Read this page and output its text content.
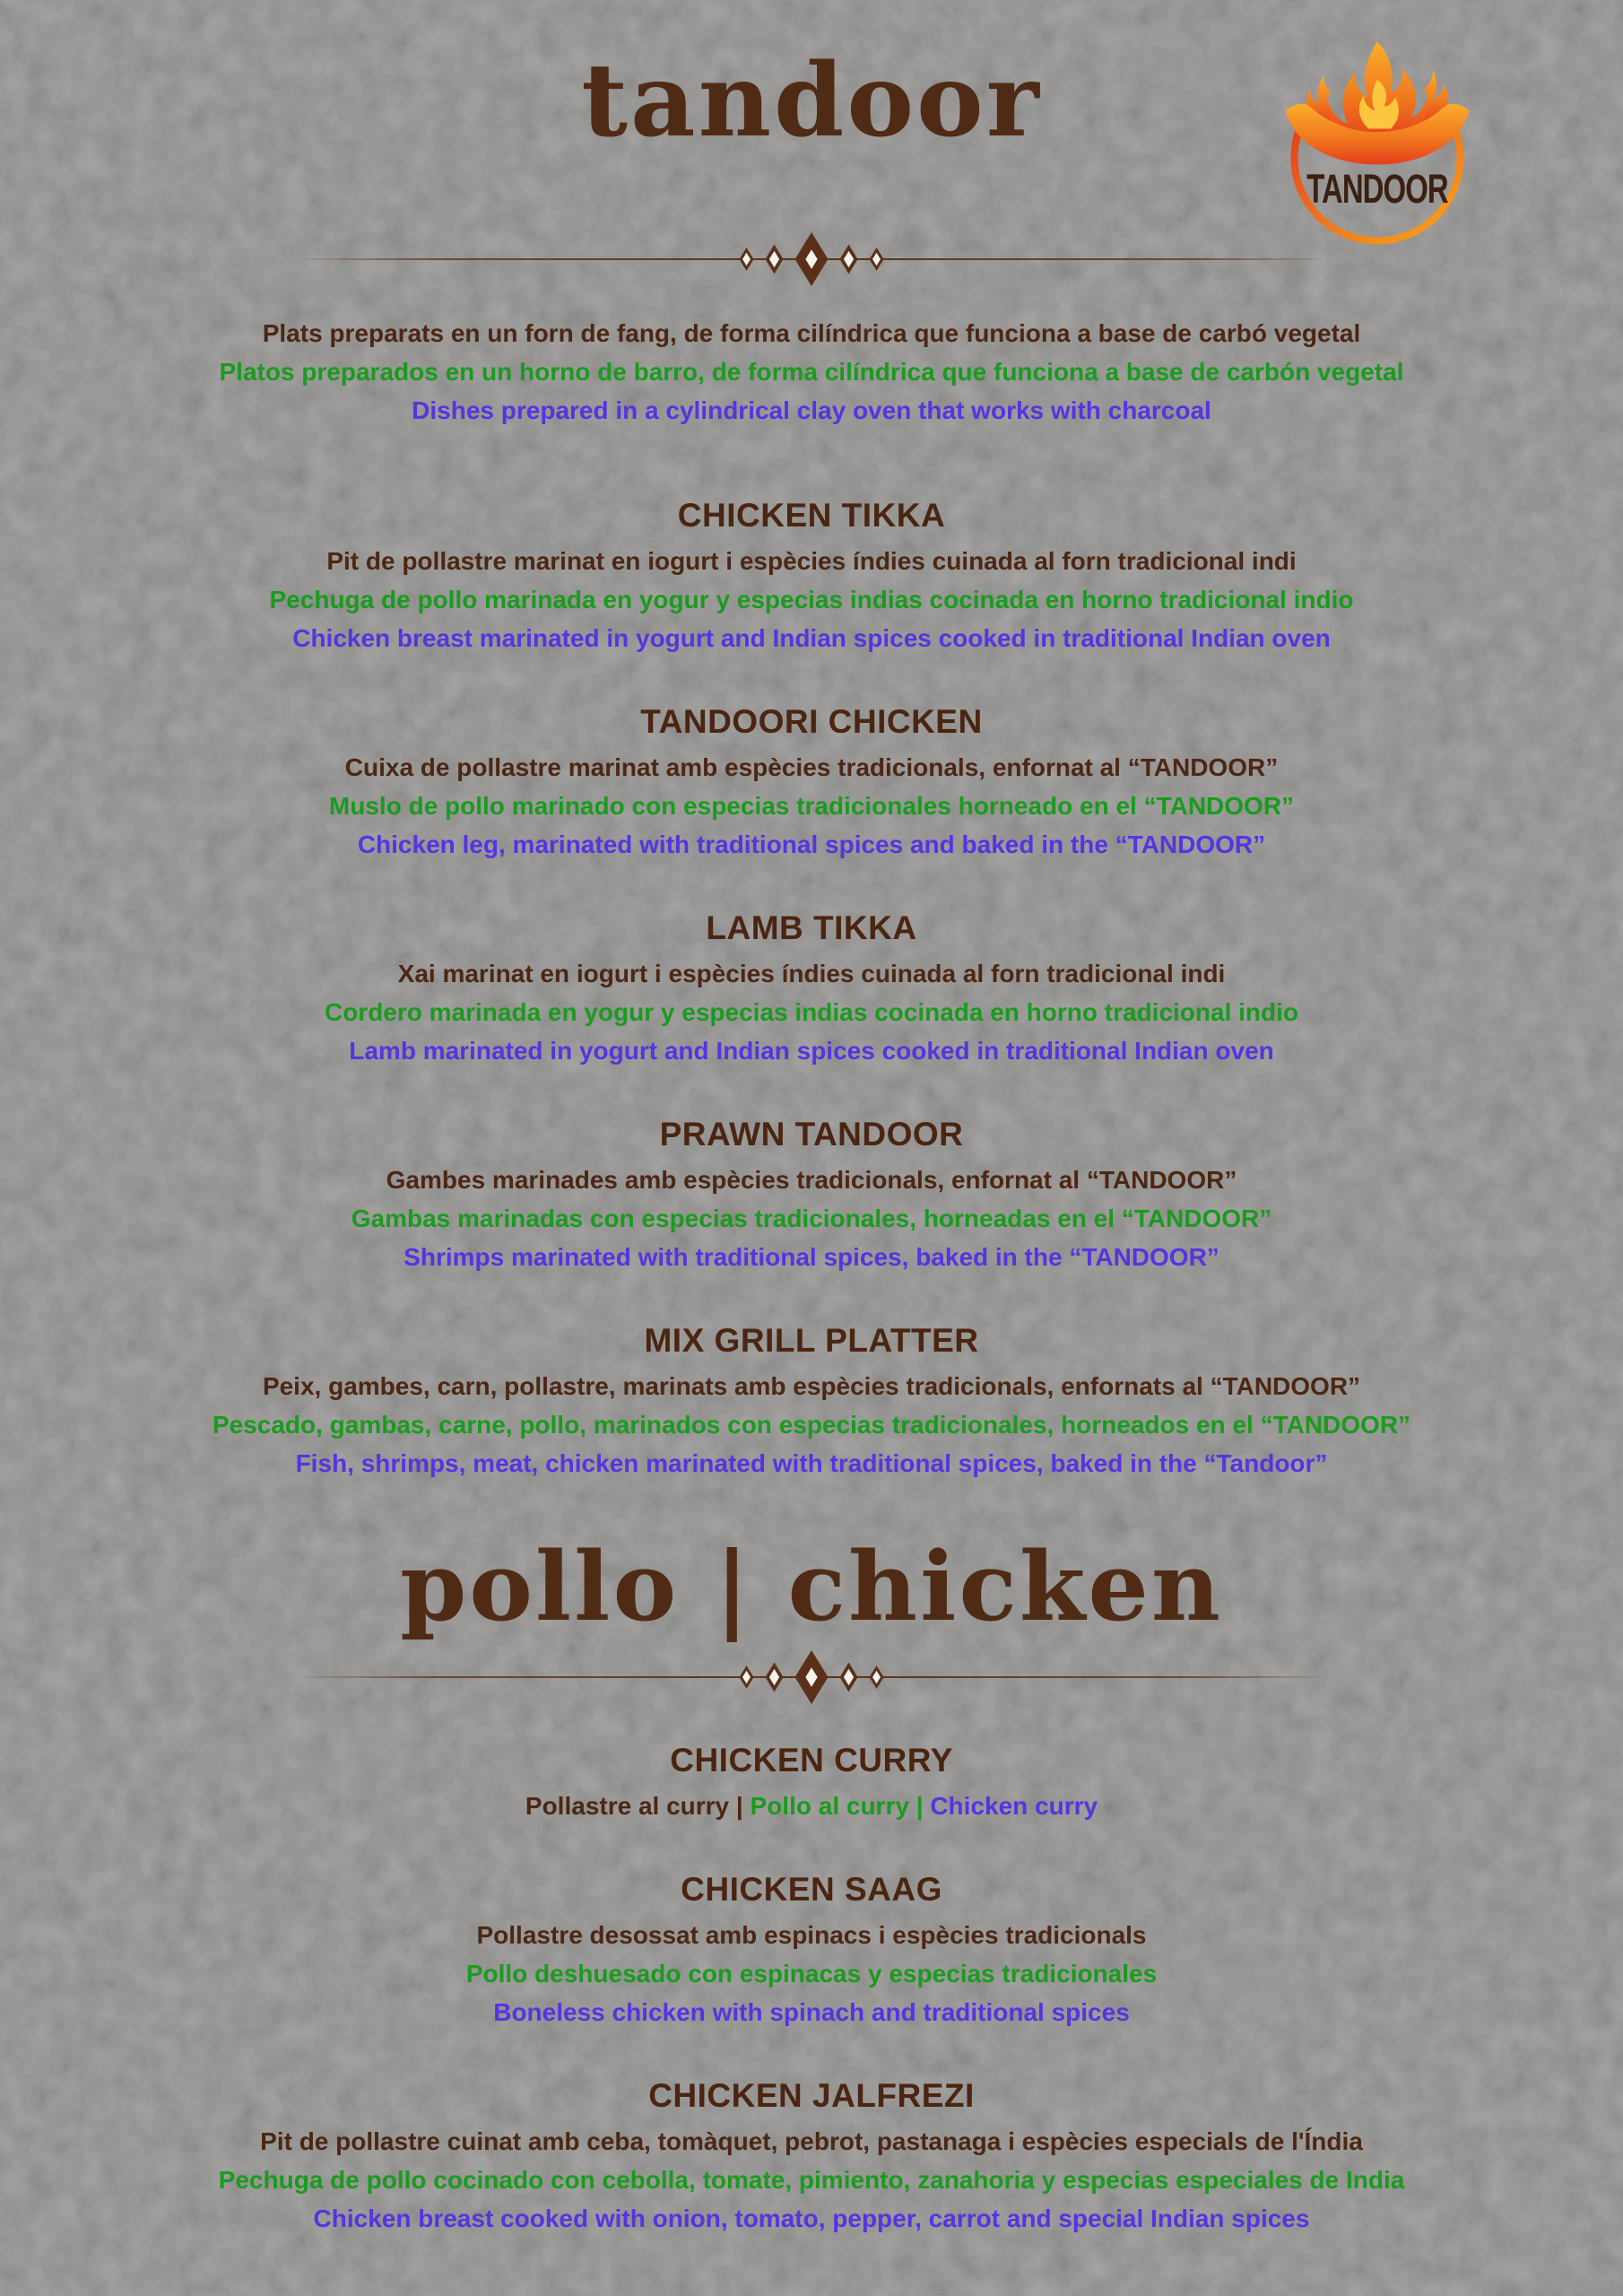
tandoor
TANDOOR

Plats preparats en un forn de fang, de forma cilíndrica que funciona a base de carbó vegetal

Platos preparados en un horno de barro, de forma cilíndrica que funciona a base de carbón vegetal

Dishes prepared in a cylindrical clay oven that works with charcoal

CHICKEN TIKKA

Pit de pollastre marinat en iogurt i espècies índies cuinada al forn tradicional indi

Pechuga de pollo marinada en yogur y especias indias cocinada en horno tradicional indio

Chicken breast marinated in yogurt and Indian spices cooked in traditional Indian oven

TANDOORI CHICKEN

Cuixa de pollastre marinat amb espècies tradicionals, enfornat al “TANDOOR”

Muslo de pollo marinado con especias tradicionales horneado en el “TANDOOR”

Chicken leg, marinated with traditional spices and baked in the “TANDOOR”

LAMB TIKKA

Xai marinat en iogurt i espècies índies cuinada al forn tradicional indi

Cordero marinada en yogur y especias indias cocinada en horno tradicional indio

Lamb marinated in yogurt and Indian spices cooked in traditional Indian oven

PRAWN TANDOOR

Gambes marinades amb espècies tradicionals, enfornat al “TANDOOR”

Gambas marinadas con especias tradicionales, horneadas en el “TANDOOR”

Shrimps marinated with traditional spices, baked in the “TANDOOR”

MIX GRILL PLATTER

Peix, gambes, carn, pollastre, marinats amb espècies tradicionals, enfornats al “TANDOOR”

Pescado, gambas, carne, pollo, marinados con especias tradicionales, horneados en el “TANDOOR”

Fish, shrimps, meat, chicken marinated with traditional spices, baked in the “Tandoor”

pollo | chicken
CHICKEN CURRY

Pollastre al curry | Pollo al curry | Chicken curry

CHICKEN SAAG

Pollastre desossat amb espinacs i espècies tradicionals

Pollo deshuesado con espinacas y especias tradicionales

Boneless chicken with spinach and traditional spices

CHICKEN JALFREZI

Pit de pollastre cuinat amb ceba, tomàquet, pebrot, pastanaga i espècies especials de l'Índia

Pechuga de pollo cocinado con cebolla, tomate, pimiento, zanahoria y especias especiales de India

Chicken breast cooked with onion, tomato, pepper, carrot and special Indian spices
